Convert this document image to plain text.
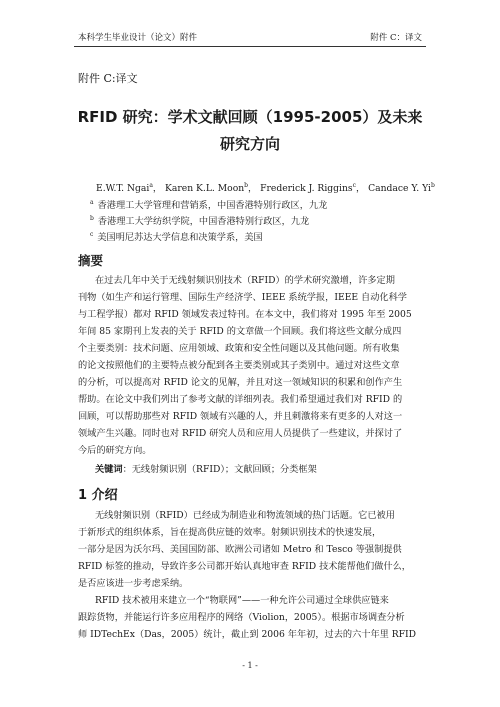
本科学生毕业设计（论文）附件	附件 C：译文
附件 C:译文
RFID 研究：学术文献回顾（1995-2005）及未来
研究方向
E.W.T. Ngai$^a$， Karen K.L. Moon$^b$， Frederick J. Riggins$^c$， Candace Y. Yi$^b$
$^a$ 香港理工大学管理和营销系，中国香港特别行政区，九龙
$^b$ 香港理工大学纺织学院，中国香港特别行政区，九龙
$^c$ 美国明尼苏达大学信息和决策学系，美国
摘要
在过去几年中关于无线射频识别技术（RFID）的学术研究激增，许多定期
刊物（如生产和运行管理、国际生产经济学、IEEE 系统学报，IEEE 自动化科学
与工程学报）都对 RFID 领域发表过特刊。在本文中，我们将对 1995 年至 2005
年间 85 家期刊上发表的关于 RFID 的文章做一个回顾。我们将这些文献分成四
个主要类别：技术问题、应用领域、政策和安全性问题以及其他问题。所有收集
的论文按照他们的主要特点被分配到各主要类别或其子类别中。通过对这些文章
的分析，可以提高对 RFID 论文的见解，并且对这一领域知识的积累和创作产生
帮助。在论文中我们列出了参考文献的详细列表。我们希望通过我们对 RFID 的
回顾，可以帮助那些对 RFID 领域有兴趣的人，并且刺激将来有更多的人对这一
领域产生兴趣。同时也对 RFID 研究人员和应用人员提供了一些建议，并探讨了
今后的研究方向。
关键词：无线射频识别（RFID）；文献回顾；分类框架
1 介绍
无线射频识别（RFID）已经成为制造业和物流领域的热门话题。它已被用
于新形式的组织体系，旨在提高供应链的效率。射频识别技术的快速发展，
一部分是因为沃尔玛、美国国防部、欧洲公司诸如 Metro 和 Tesco 等强制提供
RFID 标签的推动，导致许多公司都开始认真地审查 RFID 技术能帮他们做什么，
是否应该进一步考虑采纳。
RFID 技术被用来建立一个“物联网”——一种允许公司通过全球供应链来
跟踪货物，并能运行许多应用程序的网络（Violion，2005）。根据市场调查分析
师 IDTechEx（Das，2005）统计，截止到 2006 年年初，过去的六十年里 RFID
- 1 -
